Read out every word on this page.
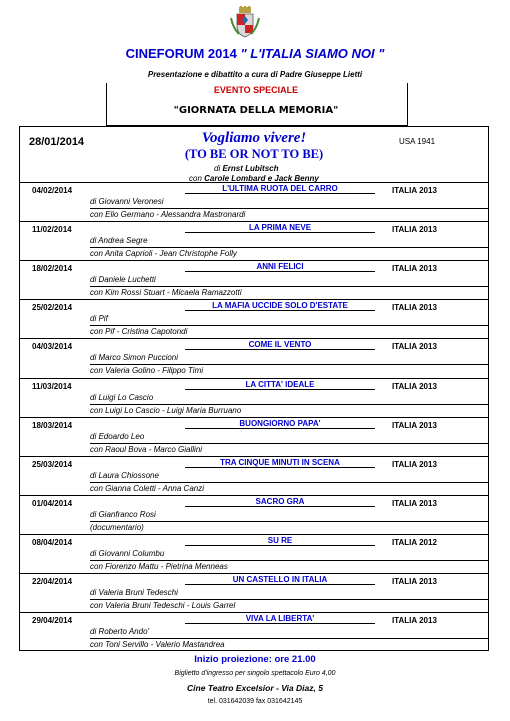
CINEFORUM 2014 " L'ITALIA SIAMO NOI "
Presentazione e dibattito a cura di Padre Giuseppe Lietti
EVENTO SPECIALE
"GIORNATA DELLA MEMORIA"
28/01/2014	Vogliamo vivere!
(TO BE OR NOT TO BE)
USA 1941
di Ernst Lubitsch
con Carole Lombard e Jack Benny
04/02/2014	L'ULTIMA RUOTA DEL CARRO	ITALIA 2013
di Giovanni Veronesi
con Elio Germano - Alessandra Mastronardi
11/02/2014	LA PRIMA NEVE	ITALIA 2013
di Andrea Segre
con Anita Caprioli - Jean Christophe Folly
18/02/2014	ANNI FELICI	ITALIA 2013
di Daniele Luchetti
con Kim Rossi Stuart - Micaela Ramazzotti
25/02/2014	LA MAFIA UCCIDE SOLO D'ESTATE	ITALIA 2013
di Pif
con Pif - Cristina Capotondi
04/03/2014	COME IL VENTO	ITALIA 2013
di Marco Simon Puccioni
con Valeria Golino - Filippo Timi
11/03/2014	LA CITTA' IDEALE	ITALIA 2013
di Luigi Lo Cascio
con Luigi Lo Cascio - Luigi Maria Burruano
18/03/2014	BUONGIORNO PAPA'	ITALIA 2013
di Edoardo Leo
con Raoul Bova - Marco Giallini
25/03/2014	TRA CINQUE MINUTI IN SCENA	ITALIA 2013
di Laura Chiossone
con Gianna Coletti - Anna Canzi
01/04/2014	SACRO GRA	ITALIA 2013
di Gianfranco Rosi
(documentario)
08/04/2014	SU RE	ITALIA 2012
di Giovanni Columbu
con Fiorenzo Mattu - Pietrina Menneas
22/04/2014	UN CASTELLO IN ITALIA	ITALIA 2013
di Valeria Bruni Tedeschi
con Valeria Bruni Tedeschi - Louis Garrel
29/04/2014	VIVA LA LIBERTA'	ITALIA 2013
di Roberto Ando'
con Toni Servillo - Valerio Mastandrea
Inizio proiezione: ore 21.00
Biglietto d'ingresso per singolo spettacolo Euro 4,00
Cine Teatro Excelsior - Via Diaz, 5
tel. 031642039 fax 031642145
